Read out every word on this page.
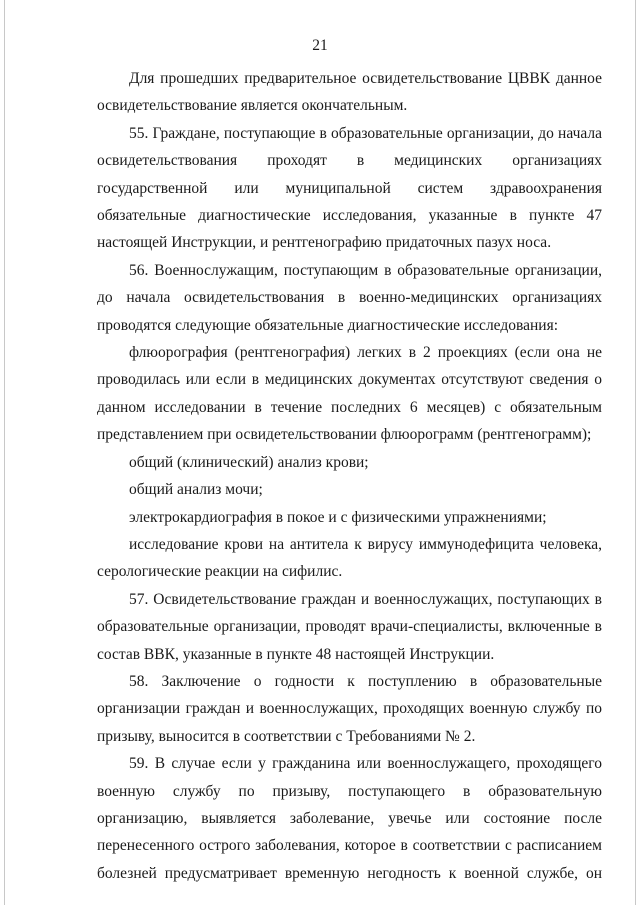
21

Для прошедших предварительное освидетельствование ЦВВК данное освидетельствование является окончательным.

55. Граждане, поступающие в образовательные организации, до начала освидетельствования проходят в медицинских организациях государственной или муниципальной систем здравоохранения обязательные диагностические исследования, указанные в пункте 47 настоящей Инструкции, и рентгенографию придаточных пазух носа.

56. Военнослужащим, поступающим в образовательные организации, до начала освидетельствования в военно-медицинских организациях проводятся следующие обязательные диагностические исследования:

флюорография (рентгенография) легких в 2 проекциях (если она не проводилась или если в медицинских документах отсутствуют сведения о данном исследовании в течение последних 6 месяцев) с обязательным представлением при освидетельствовании флюорограмм (рентгенограмм);

общий (клинический) анализ крови;

общий анализ мочи;

электрокардиография в покое и с физическими упражнениями;

исследование крови на антитела к вирусу иммунодефицита человека, серологические реакции на сифилис.

57. Освидетельствование граждан и военнослужащих, поступающих в образовательные организации, проводят врачи-специалисты, включенные в состав ВВК, указанные в пункте 48 настоящей Инструкции.

58. Заключение о годности к поступлению в образовательные организации граждан и военнослужащих, проходящих военную службу по призыву, выносится в соответствии с Требованиями № 2.

59. В случае если у гражданина или военнослужащего, проходящего военную службу по призыву, поступающего в образовательную организацию, выявляется заболевание, увечье или состояние после перенесенного острого заболевания, которое в соответствии с расписанием болезней предусматривает временную негодность к военной службе, он
